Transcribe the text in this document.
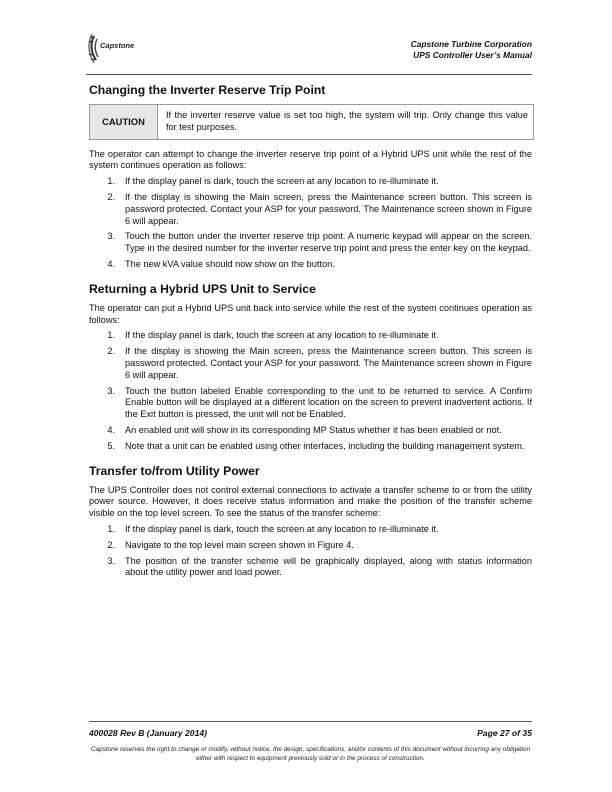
Capstone	Capstone Turbine Corporation
UPS Controller User’s Manual
Changing the Inverter Reserve Trip Point
CAUTION
If the inverter reserve value is set too high, the system will trip. Only change this value for test purposes.

The operator can attempt to change the inverter reserve trip point of a Hybrid UPS unit while the rest of the system continues operation as follows:

1.	If the display panel is dark, touch the screen at any location to re-illuminate it.
2.	If the display is showing the Main screen, press the Maintenance screen button. This screen is password protected. Contact your ASP for your password. The Maintenance screen shown in Figure 6 will appear.
3.	Touch the button under the inverter reserve trip point. A numeric keypad will appear on the screen. Type in the desired number for the inverter reserve trip point and press the enter key on the keypad.
4.	The new kVA value should now show on the button.
Returning a Hybrid UPS Unit to Service

The operator can put a Hybrid UPS unit back into service while the rest of the system continues operation as follows:

1.	If the display panel is dark, touch the screen at any location to re-illuminate it.
2.	If the display is showing the Main screen, press the Maintenance screen button. This screen is password protected. Contact your ASP for your password. The Maintenance screen shown in Figure 6 will appear.
3.	Touch the button labeled Enable corresponding to the unit to be returned to service. A Confirm Enable button will be displayed at a different location on the screen to prevent inadvertent actions. If the Exit button is pressed, the unit will not be Enabled.
4.	An enabled unit will show in its corresponding MP Status whether it has been enabled or not.
5.	Note that a unit can be enabled using other interfaces, including the building management system.
Transfer to/from Utility Power

The UPS Controller does not control external connections to activate a transfer scheme to or from the utility power source. However, it does receive status information and make the position of the transfer scheme visible on the top level screen. To see the status of the transfer scheme:

1.	If the display panel is dark, touch the screen at any location to re-illuminate it.
2.	Navigate to the top level main screen shown in Figure 4.
3.	The position of the transfer scheme will be graphically displayed, along with status information about the utility power and load power.
400028 Rev B (January 2014)	Page 27 of 35
Capstone reserves the right to change or modify, without notice, the design, specifications, and/or contents of this document without incurring any obligation either with respect to equipment previously sold or in the process of construction.
